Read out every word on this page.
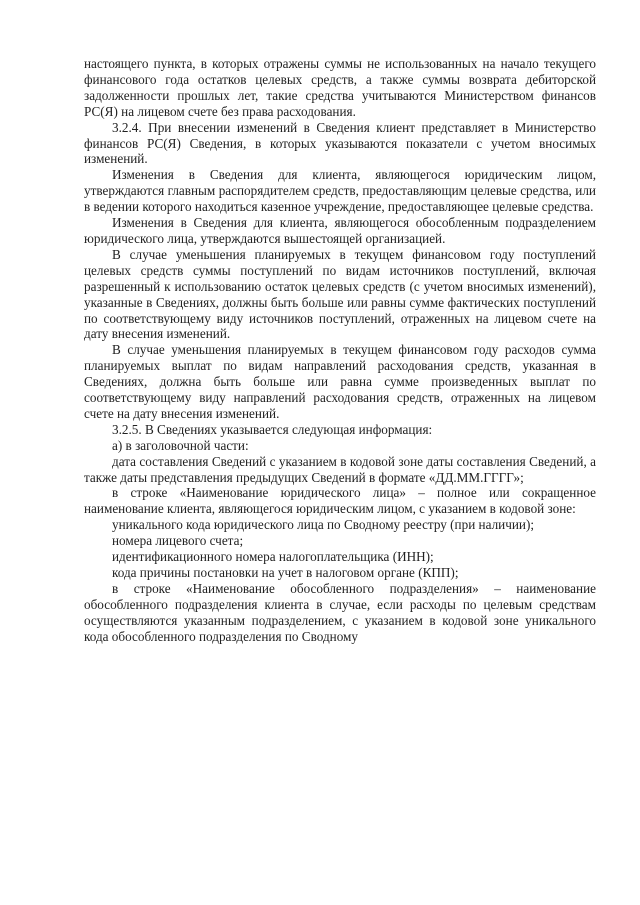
настоящего пункта, в которых отражены суммы не использованных на начало текущего финансового года остатков целевых средств, а также суммы возврата дебиторской задолженности прошлых лет, такие средства учитываются Министерством финансов РС(Я) на лицевом счете без права расходования.

3.2.4. При внесении изменений в Сведения клиент представляет в Министерство финансов РС(Я) Сведения, в которых указываются показатели с учетом вносимых изменений.

Изменения в Сведения для клиента, являющегося юридическим лицом, утверждаются главным распорядителем средств, предоставляющим целевые средства, или в ведении которого находиться казенное учреждение, предоставляющее целевые средства.

Изменения в Сведения для клиента, являющегося обособленным подразделением юридического лица, утверждаются вышестоящей организацией.

В случае уменьшения планируемых в текущем финансовом году поступлений целевых средств суммы поступлений по видам источников поступлений, включая разрешенный к использованию остаток целевых средств (с учетом вносимых изменений), указанные в Сведениях, должны быть больше или равны сумме фактических поступлений по соответствующему виду источников поступлений, отраженных на лицевом счете на дату внесения изменений.

В случае уменьшения планируемых в текущем финансовом году расходов сумма планируемых выплат по видам направлений расходования средств, указанная в Сведениях, должна быть больше или равна сумме произведенных выплат по соответствующему виду направлений расходования средств, отраженных на лицевом счете на дату внесения изменений.

3.2.5. В Сведениях указывается следующая информация:

а) в заголовочной части:

дата составления Сведений с указанием в кодовой зоне даты составления Сведений, а также даты представления предыдущих Сведений в формате «ДД.ММ.ГГГГ»;

в строке «Наименование юридического лица» – полное или сокращенное наименование клиента, являющегося юридическим лицом, с указанием в кодовой зоне:

уникального кода юридического лица по Сводному реестру (при наличии);

номера лицевого счета;

идентификационного номера налогоплательщика (ИНН);

кода причины постановки на учет в налоговом органе (КПП);

в строке «Наименование обособленного подразделения» – наименование обособленного подразделения клиента в случае, если расходы по целевым средствам осуществляются указанным подразделением, с указанием в кодовой зоне уникального кода обособленного подразделения по Сводному
